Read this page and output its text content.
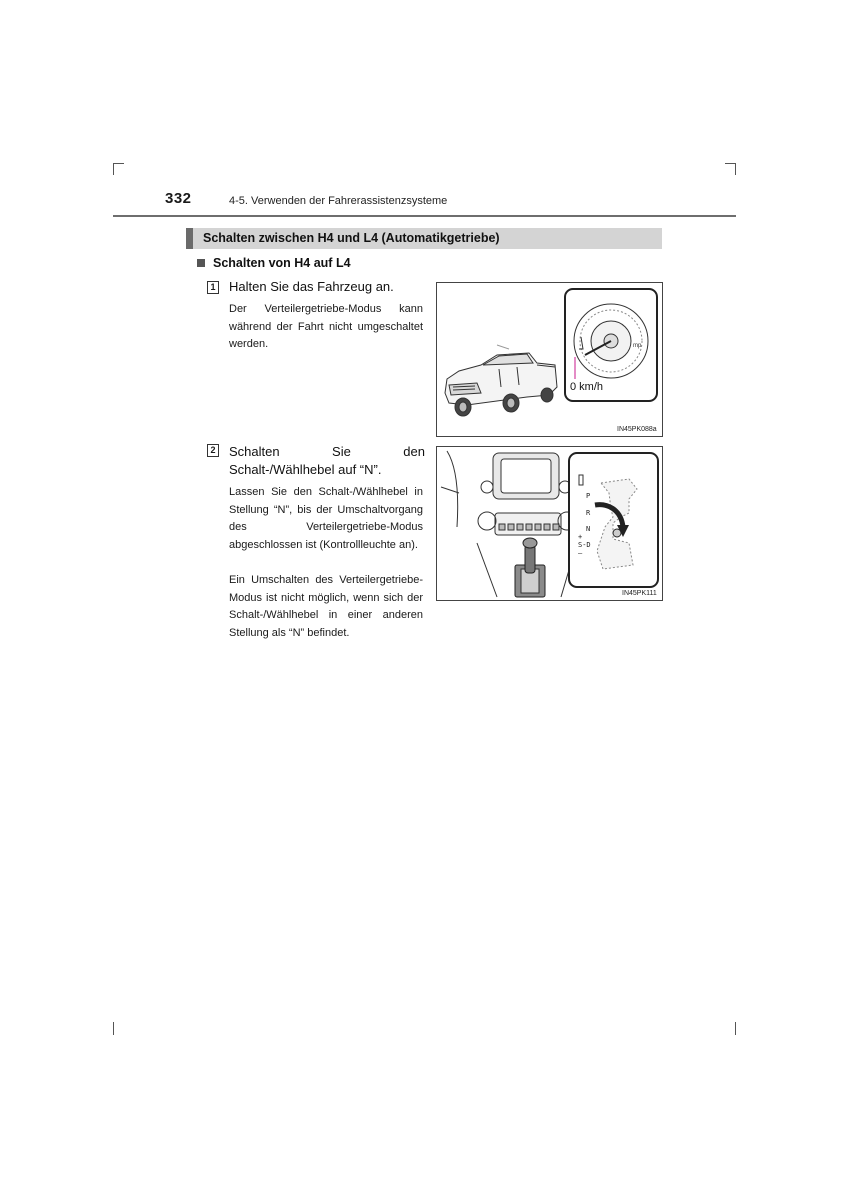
332	4-5. Verwenden der Fahrerassistenzsysteme
Schalten zwischen H4 und L4 (Automatikgetriebe)
Schalten von H4 auf L4
1 Halten Sie das Fahrzeug an.

Der Verteilergetriebe-Modus kann während der Fahrt nicht umgeschaltet werden.

2 Schalten Sie den Schalt-/Wählhebel auf “N”.

Lassen Sie den Schalt-/Wählhebel in Stellung “N”, bis der Umschaltvorgang des Verteilergetriebe-Modus abgeschlossen ist (Kontrollleuchte an).

Ein Umschalten des Verteilergetriebe-Modus ist nicht möglich, wenn sich der Schalt-/Wählhebel in einer anderen Stellung als “N” befindet.

mp
0 km/h
IN45PK088a
P
R
N
+
S-D
–
IN45PK111
